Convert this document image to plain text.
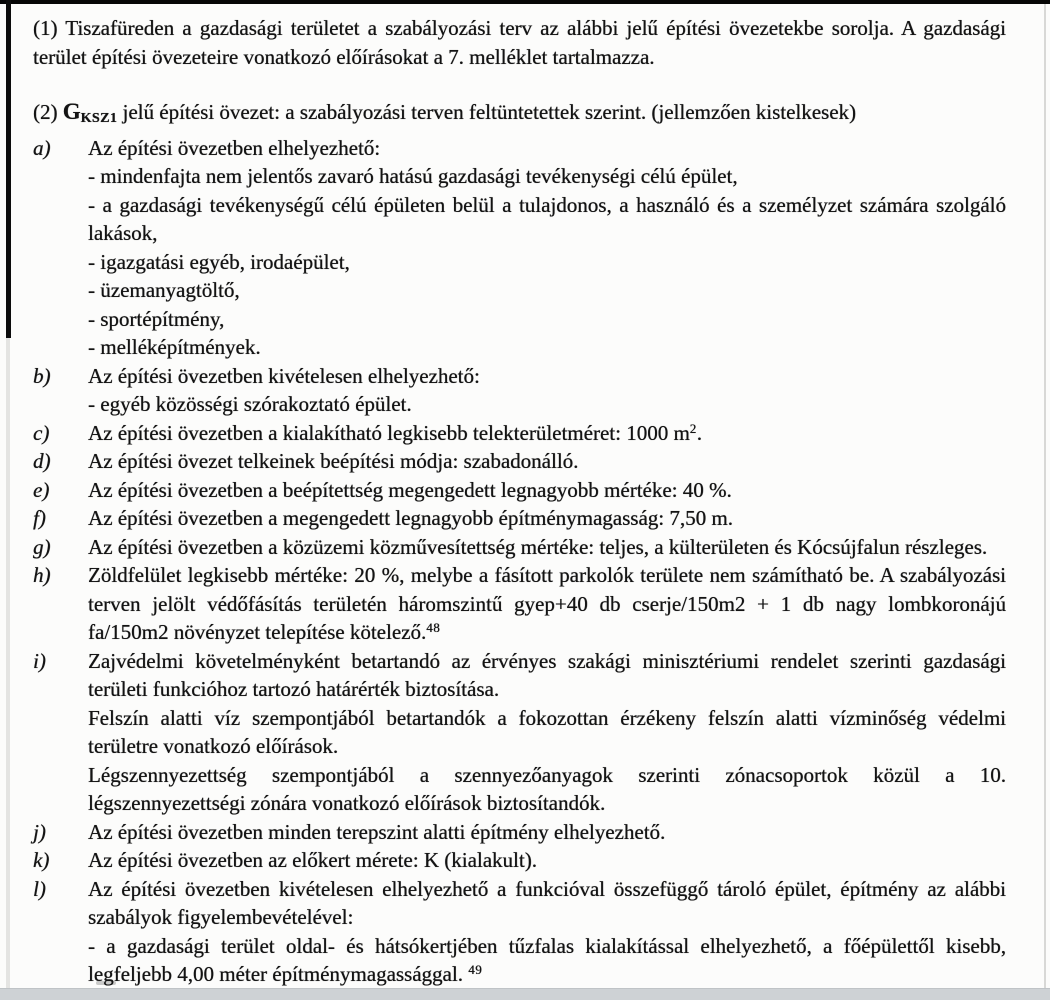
(1) Tiszafüreden a gazdasági területet a szabályozási terv az alábbi jelű építési övezetekbe sorolja. A gazdasági terület építési övezeteire vonatkozó előírásokat a 7. melléklet tartalmazza.

(2) GKSZ1 jelű építési övezet: a szabályozási terven feltüntetettek szerint. (jellemzően kistelkesek)

a)	Az építési övezetben elhelyezhető:
- mindenfajta nem jelentős zavaró hatású gazdasági tevékenységi célú épület,
- a gazdasági tevékenységű célú épületen belül a tulajdonos, a használó és a személyzet számára szolgáló lakások,
- igazgatási egyéb, irodaépület,
- üzemanyagtöltő,
- sportépítmény,
- melléképítmények.
b)	Az építési övezetben kivételesen elhelyezhető:
- egyéb közösségi szórakoztató épület.
c)	Az építési övezetben a kialakítható legkisebb telekterületméret: 1000 $m^2$.
d)	Az építési övezet telkeinek beépítési módja: szabadonálló.
e)	Az építési övezetben a beépítettség megengedett legnagyobb mértéke: 40 %.
f)	Az építési övezetben a megengedett legnagyobb építménymagasság: 7,50 m.
g)	Az építési övezetben a közüzemi közművesítettség mértéke: teljes, a külterületen és Kócsújfalun részleges.
h)	Zöldfelület legkisebb mértéke: 20 %, melybe a fásított parkolók területe nem számítható be. A szabályozási terven jelölt védőfásítás területén háromszintű gyep+40 db cserje/150m2 + 1 db nagy lombkoronájú fa/150m2 növényzet telepítése kötelező.$^{48}$
i)	Zajvédelmi követelményként betartandó az érvényes szakági minisztériumi rendelet szerinti gazdasági területi funkcióhoz tartozó határérték biztosítása.
Felszín alatti víz szempontjából betartandók a fokozottan érzékeny felszín alatti vízminőség védelmi területre vonatkozó előírások.
Légszennyezettség szempontjából a szennyezőanyagok szerinti zónacsoportok közül a 10. légszennyezettségi zónára vonatkozó előírások biztosítandók.
j)	Az építési övezetben minden terepszint alatti építmény elhelyezhető.
k)	Az építési övezetben az előkert mérete: K (kialakult).
l)	Az építési övezetben kivételesen elhelyezhető a funkcióval összefüggő tároló épület, építmény az alábbi szabályok figyelembevételével:
- a gazdasági terület oldal- és hátsókertjében tűzfalas kialakítással elhelyezhető, a főépülettől kisebb, legfeljebb 4,00 méter építménymagassággal. $^{49}$
